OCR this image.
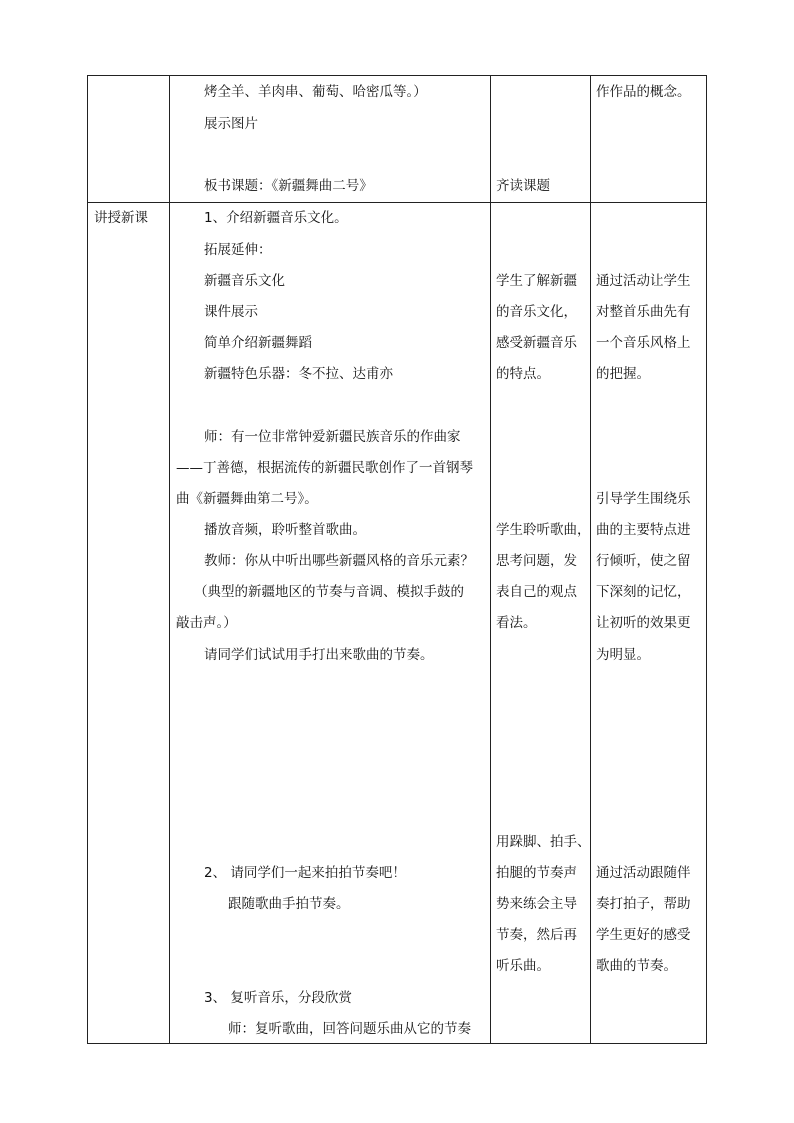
烤全羊、羊肉串、葡萄、哈密瓜等。）
展示图片
板书课题：《新疆舞曲二号》	齐读课题
作作品的概念。
讲授新课	1、介绍新疆音乐文化。
拓展延伸：
新疆音乐文化
课件展示
简单介绍新疆舞蹈
新疆特色乐器：冬不拉、达甫亦
师：有一位非常钟爱新疆民族音乐的作曲家
——丁善德，根据流传的新疆民歌创作了一首钢琴
曲《新疆舞曲第二号》。
播放音频，聆听整首歌曲。
教师：你从中听出哪些新疆风格的音乐元素？
（典型的新疆地区的节奏与音调、模拟手鼓的
敲击声。）
请同学们试试用手打出来歌曲的节奏。
2、 请同学们一起来拍拍节奏吧！
跟随歌曲手拍节奏。
3、 复听音乐，分段欣赏
师：复听歌曲，回答问题乐曲从它的节奏
学生了解新疆
的音乐文化，
感受新疆音乐
的特点。
学生聆听歌曲，
思考问题，发
表自己的观点
看法。
用跺脚、拍手、
拍腿的节奏声
势来练会主导
节奏，然后再
听乐曲。
通过活动让学生
对整首乐曲先有
一个音乐风格上
的把握。
引导学生围绕乐
曲的主要特点进
行倾听，使之留
下深刻的记忆，
让初听的效果更
为明显。
通过活动跟随伴
奏打拍子，帮助
学生更好的感受
歌曲的节奏。
